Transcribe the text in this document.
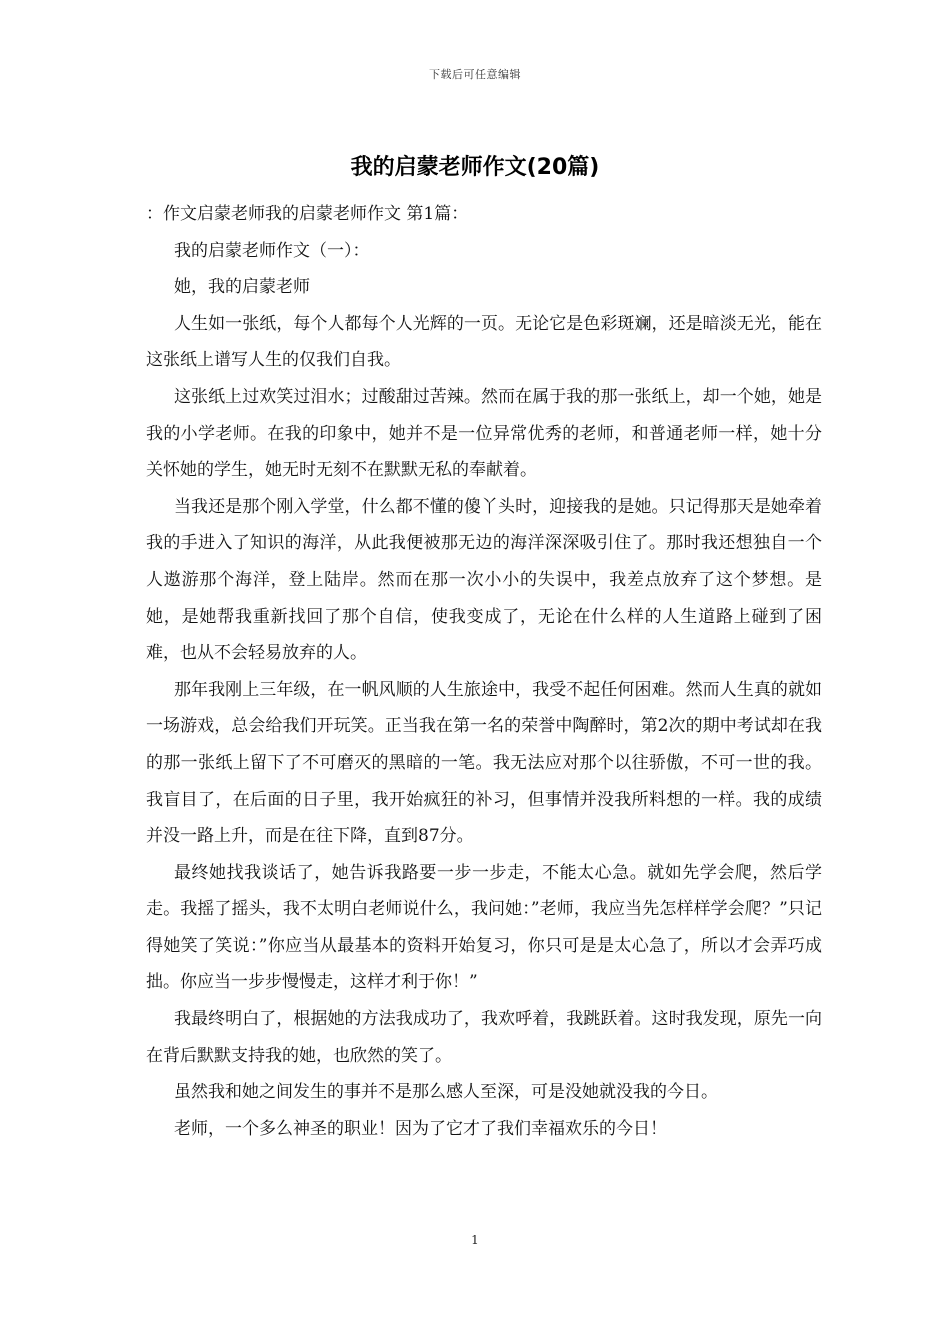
下载后可任意编辑
我的启蒙老师作文(20篇)

：作文启蒙老师我的启蒙老师作文 第1篇：

我的启蒙老师作文（一）：

她，我的启蒙老师

人生如一张纸，每个人都每个人光辉的一页。无论它是色彩斑斓，还是暗淡无光，能在这张纸上谱写人生的仅我们自我。

这张纸上过欢笑过泪水；过酸甜过苦辣。然而在属于我的那一张纸上，却一个她，她是我的小学老师。在我的印象中，她并不是一位异常优秀的老师，和普通老师一样，她十分关怀她的学生，她无时无刻不在默默无私的奉献着。

当我还是那个刚入学堂，什么都不懂的傻丫头时，迎接我的是她。只记得那天是她牵着我的手进入了知识的海洋，从此我便被那无边的海洋深深吸引住了。那时我还想独自一个人遨游那个海洋，登上陆岸。然而在那一次小小的失误中，我差点放弃了这个梦想。是她，是她帮我重新找回了那个自信，使我变成了，无论在什么样的人生道路上碰到了困难，也从不会轻易放弃的人。

那年我刚上三年级，在一帆风顺的人生旅途中，我受不起任何困难。然而人生真的就如一场游戏，总会给我们开玩笑。正当我在第一名的荣誉中陶醉时，第2次的期中考试却在我的那一张纸上留下了不可磨灭的黑暗的一笔。我无法应对那个以往骄傲，不可一世的我。我盲目了，在后面的日子里，我开始疯狂的补习，但事情并没我所料想的一样。我的成绩并没一路上升，而是在往下降，直到87分。

最终她找我谈话了，她告诉我路要一步一步走，不能太心急。就如先学会爬，然后学走。我摇了摇头，我不太明白老师说什么，我问她：”老师，我应当先怎样样学会爬？”只记得她笑了笑说：”你应当从最基本的资料开始复习，你只可是是太心急了，所以才会弄巧成拙。你应当一步步慢慢走，这样才利于你！”

我最终明白了，根据她的方法我成功了，我欢呼着，我跳跃着。这时我发现，原先一向在背后默默支持我的她，也欣然的笑了。

虽然我和她之间发生的事并不是那么感人至深，可是没她就没我的今日。

老师，一个多么神圣的职业！因为了它才了我们幸福欢乐的今日！

1
